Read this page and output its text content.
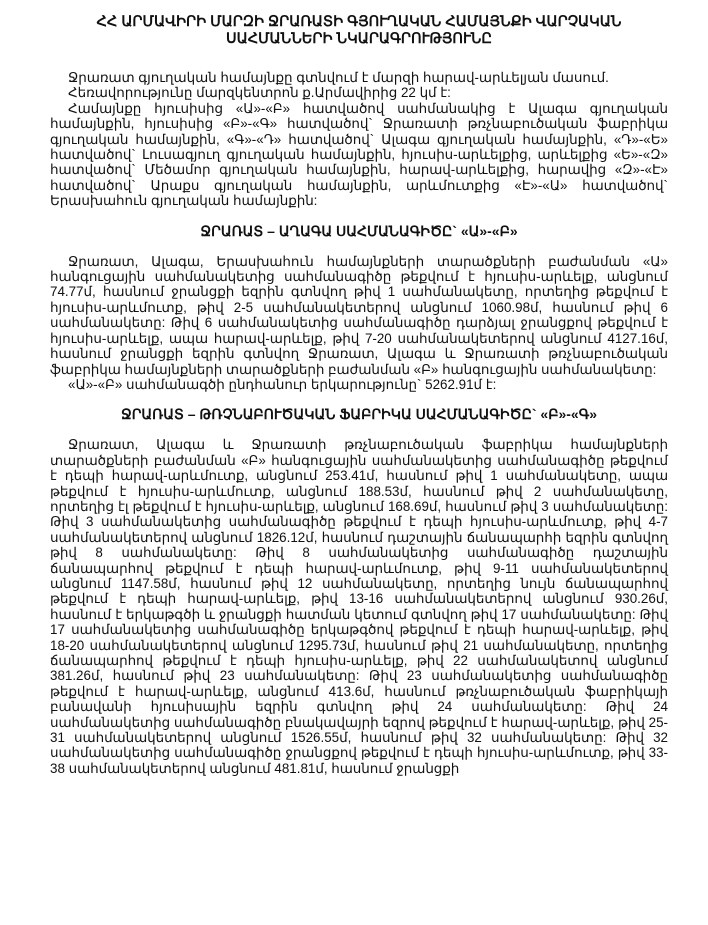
ՀՀ ԱՐՄԱՎԻՐԻ ՄԱՐԶԻ ՋՐԱՌԱՏԻ ԳՅՈՒՂԱԿԱՆ ՀԱՄԱՅՆՔԻ ՎԱՐՉԱԿԱՆ
ՍԱՀՄԱՆՆԵՐԻ ՆԿԱՐԱԳՐՈՒԹՅՈՒՆԸ

Ջրառատ գյուղական համայնքը գտնվում է մարզի հարավ-արևելյան մասում.

Հեռավորությունը մարզկենտրոն ք.Արմավիրից 22 կմ է:

Համայնքը հյուսիսից «Ա»-«Բ» հատվածով սահմանակից է Ալագա գյուղական համայնքին, հյուսիսից «Բ»-«Գ» հատվածով` Ջրառատի թռչնաբուծական ֆաբրիկա գյուղական համայնքին, «Գ»-«Դ» հատվածով` Ալագա գյուղական համայնքին, «Դ»-«Ե» հատվածով` Լուսագյուղ գյուղական համայնքին, հյուսիս-արևելքից, արևելքից «Ե»-«Զ» հատվածով` Մեծամոր գյուղական համայնքին, հարավ-արևելքից, հարավից «Զ»-«Է» հատվածով` Արաքս գյուղական համայնքին, արևմուտքից «Է»-«Ա» հատվածով` Երասխահուն գյուղական համայնքին:

ՋՐԱՌԱՏ – ԱՂԱԳԱ ՍԱՀՄԱՆԱԳԻԾԸ` «Ա»-«Բ»

Ջրառատ, Ալագա, Երասխահուն համայնքների տարածքների բաժանման «Ա» հանգուցային սահմանակետից սահմանագիծը թեքվում է հյուսիս-արևելք, անցնում 74.77մ, հասնում ջրանցքի եզրին գտնվող թիվ 1 սահմանակետը, որտեղից թեքվում է հյուսիս-արևմուտք, թիվ 2-5 սահմանակետերով անցնում 1060.98մ, հասնում թիվ 6 սահմանակետը: Թիվ 6 սահմանակետից սահմանագիծը դարձյալ ջրանցքով թեքվում է հյուսիս-արևելք, ապա հարավ-արևելք, թիվ 7-20 սահմանակետերով անցնում 4127.16մ, հասնում ջրանցքի եզրին գտնվող Ջրառատ, Ալագա և Ջրառատի թռչնաբուծական ֆաբրիկա համայնքների տարածքների բաժանման «Բ» հանգուցային սահմանակետը:

«Ա»-«Բ» սահմանագծի ընդհանուր երկարությունը` 5262.91մ է:

ՋՐԱՌԱՏ – ԹՌՉՆԱԲՈՒԾԱԿԱՆ ՖԱԲՐԻԿԱ ՍԱՀՄԱՆԱԳԻԾԸ` «Բ»-«Գ»

Ջրառատ, Ալագա և Ջրառատի թռչնաբուծական ֆաբրիկա համայնքների տարածքների բաժանման «Բ» հանգուցային սահմանակետից սահմանագիծը թեքվում է դեպի հարավ-արևմուտք, անցնում 253.41մ, հասնում թիվ 1 սահմանակետը, ապա թեքվում է հյուսիս-արևմուտք, անցնում 188.53մ, հասնում թիվ 2 սահմանակետը, որտեղից էլ թեքվում է հյուսիս-արևելք, անցնում 168.69մ, հասնում թիվ 3 սահմանակետը: Թիվ 3 սահմանակետից սահմանագիծը թեքվում է դեպի հյուսիս-արևմուտք, թիվ 4-7 սահմանակետերով անցնում 1826.12մ, հասնում դաշտային ճանապարհի եզրին գտնվող թիվ 8 սահմանակետը: Թիվ 8 սահմանակետից սահմանագիծը դաշտային ճանապարհով թեքվում է դեպի հարավ-արևմուտք, թիվ 9-11 սահմանակետերով անցնում 1147.58մ, հասնում թիվ 12 սահմանակետը, որտեղից նույն ճանապարհով թեքվում է դեպի հարավ-արևելք, թիվ 13-16 սահմանակետերով անցնում 930.26մ, հասնում է երկաթգծի և ջրանցքի հատման կետում գտնվող թիվ 17 սահմանակետը: Թիվ 17 սահմանակետից սահմանագիծը երկաթգծով թեքվում է դեպի հարավ-արևելք, թիվ 18-20 սահմանակետերով անցնում 1295.73մ, հասնում թիվ 21 սահմանակետը, որտեղից ճանապարհով թեքվում է դեպի հյուսիս-արևելք, թիվ 22 սահմանակետով անցնում 381.26մ, հասնում թիվ 23 սահմանակետը: Թիվ 23 սահմանակետից սահմանագիծը թեքվում է հարավ-արևելք, անցնում 413.6մ, հասնում թռչնաբուծական ֆաբրիկայի բանավանի հյուսիսային եզրին գտնվող թիվ 24 սահմանակետը: Թիվ 24 սահմանակետից սահմանագիծը բնակավայրի եզրով թեքվում է հարավ-արևելք, թիվ 25-31 սահմանակետերով անցնում 1526.55մ, հասնում թիվ 32 սահմանակետը: Թիվ 32 սահմանակետից սահմանագիծը ջրանցքով թեքվում է դեպի հյուսիս-արևմուտք, թիվ 33-38 սահմանակետերով անցնում 481.81մ, հասնում ջրանցքի
